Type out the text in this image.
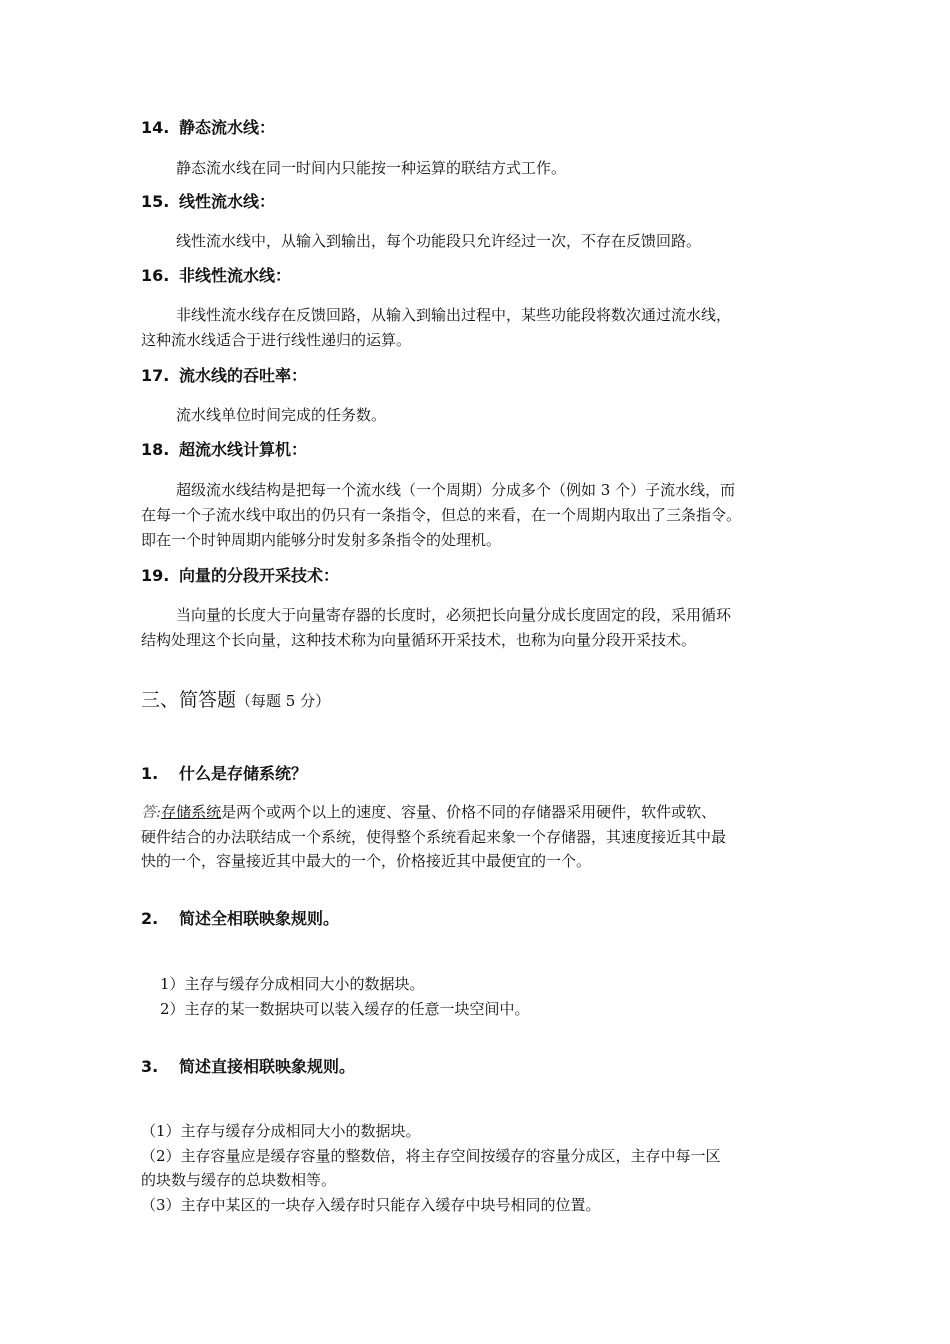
14. 静态流水线：
静态流水线在同一时间内只能按一种运算的联结方式工作。
15. 线性流水线：
线性流水线中，从输入到输出，每个功能段只允许经过一次，不存在反馈回路。
16. 非线性流水线：
非线性流水线存在反馈回路，从输入到输出过程中，某些功能段将数次通过流水线，
这种流水线适合于进行线性递归的运算。
17. 流水线的吞吐率：
流水线单位时间完成的任务数。
18. 超流水线计算机：
超级流水线结构是把每一个流水线（一个周期）分成多个（例如 3 个）子流水线，而
在每一个子流水线中取出的仍只有一条指令，但总的来看，在一个周期内取出了三条指令。
即在一个时钟周期内能够分时发射多条指令的处理机。
19. 向量的分段开采技术：
当向量的长度大于向量寄存器的长度时，必须把长向量分成长度固定的段，采用循环
结构处理这个长向量，这种技术称为向量循环开采技术，也称为向量分段开采技术。
三、简答题（每题 5 分）
1. 什么是存储系统？
答:存储系统是两个或两个以上的速度、容量、价格不同的存储器采用硬件，软件或软、
硬件结合的办法联结成一个系统，使得整个系统看起来象一个存储器，其速度接近其中最
快的一个，容量接近其中最大的一个，价格接近其中最便宜的一个。
2. 简述全相联映象规则。
1）主存与缓存分成相同大小的数据块。
2）主存的某一数据块可以装入缓存的任意一块空间中。
3. 简述直接相联映象规则。
（1）主存与缓存分成相同大小的数据块。
（2）主存容量应是缓存容量的整数倍，将主存空间按缓存的容量分成区，主存中每一区
的块数与缓存的总块数相等。
（3）主存中某区的一块存入缓存时只能存入缓存中块号相同的位置。
